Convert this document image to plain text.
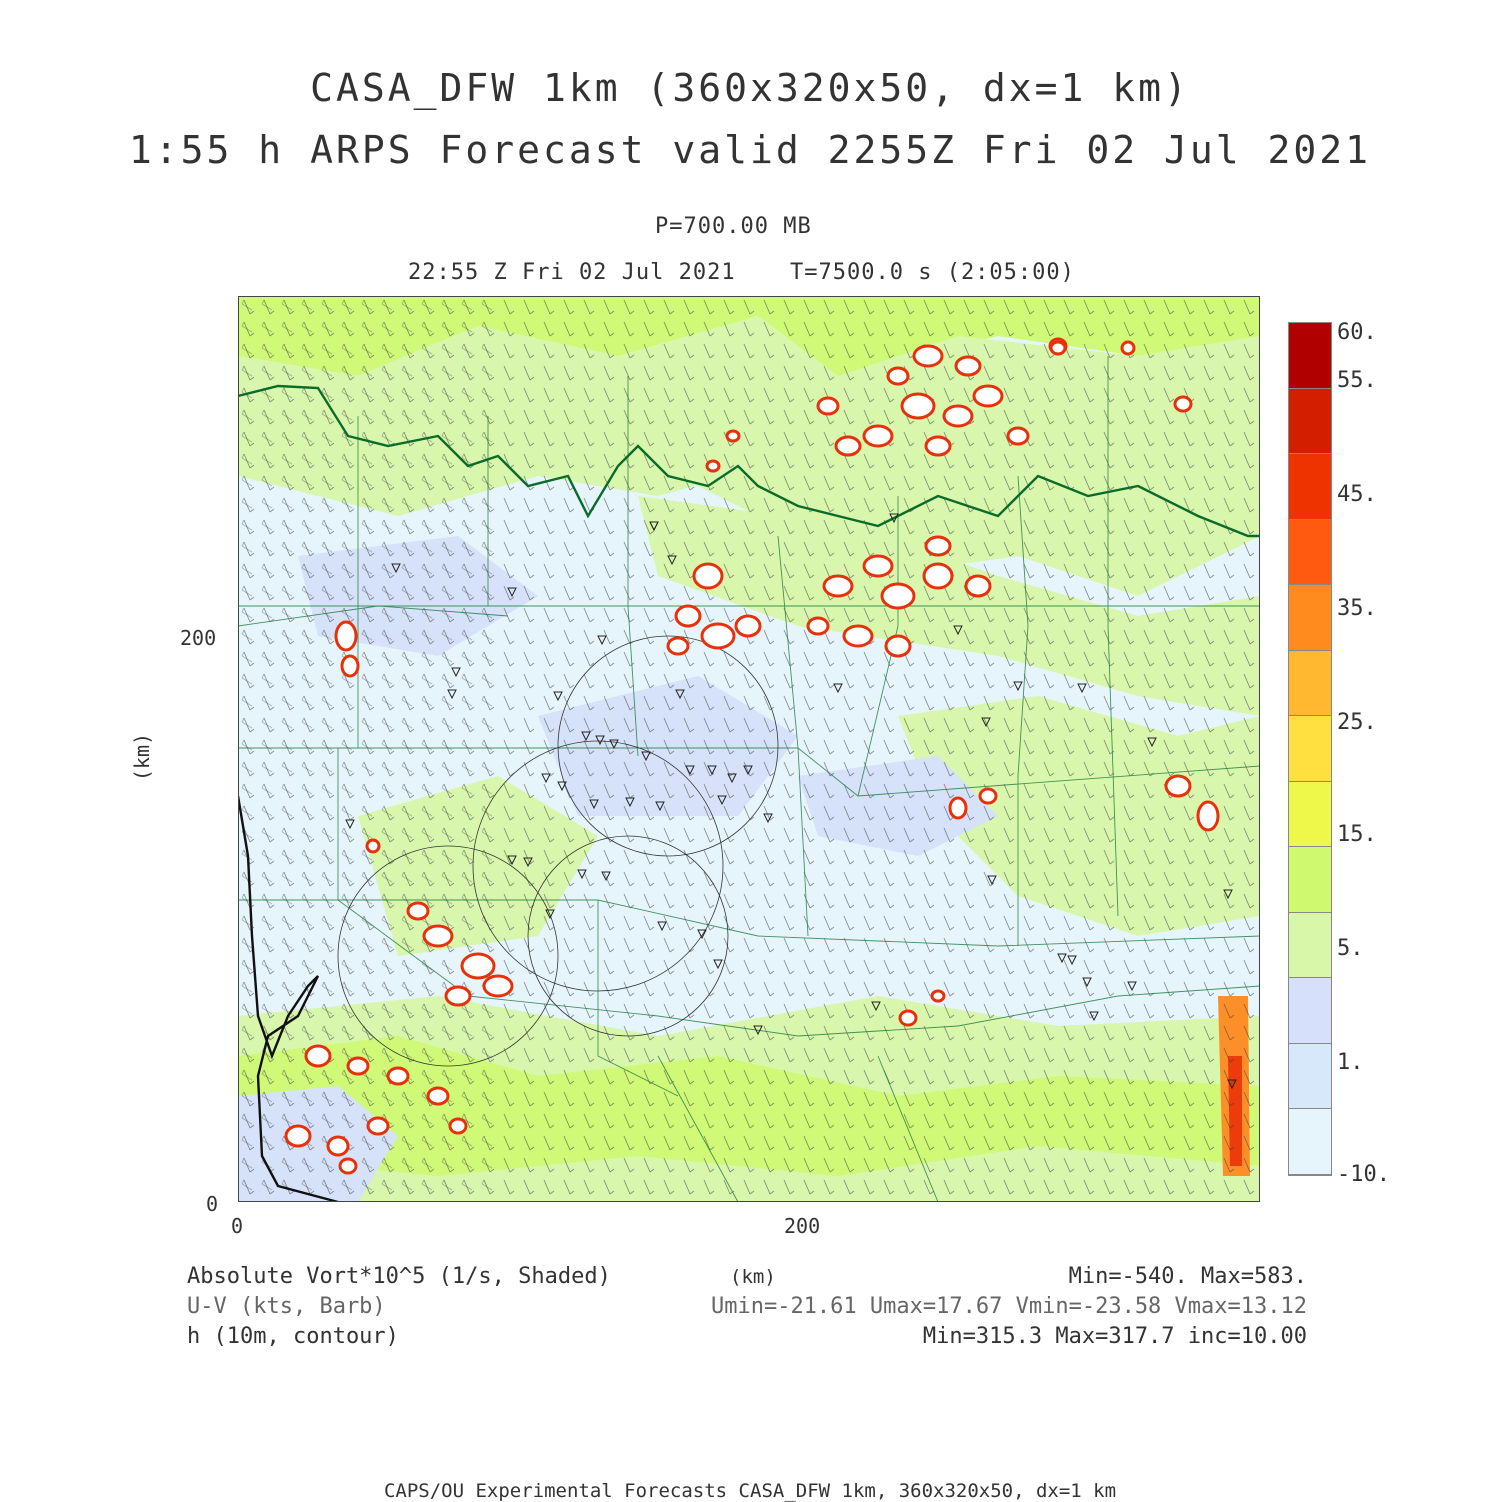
CASA_DFW 1km (360x320x50, dx=1 km)
1:55 h ARPS Forecast valid 2255Z Fri 02 Jul 2021
P=700.00 MB
22:55 Z Fri 02 Jul 2021 T=7500.0 s (2:05:00)
(km)
200
0
0	200
60.
55.
45.
35.
25.
15.
5.
1.
-10.
Absolute Vort*10^5 (1/s, Shaded)	(km)	Min=-540. Max=583.
U-V (kts, Barb)	Umin=-21.61 Umax=17.67 Vmin=-23.58 Vmax=13.12
h (10m, contour)	Min=315.3 Max=317.7 inc=10.00
CAPS/OU Experimental Forecasts CASA_DFW 1km, 360x320x50, dx=1 km
